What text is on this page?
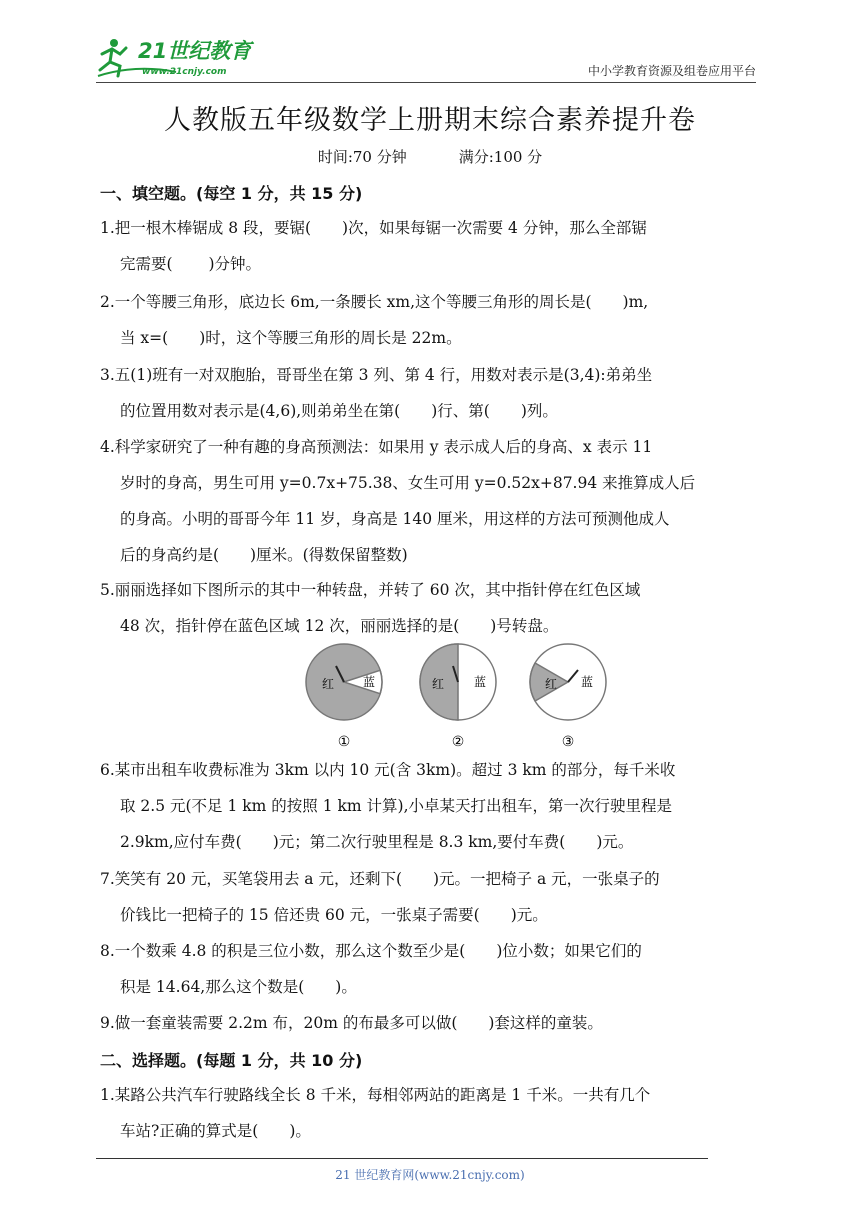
21世纪教育
www.21cnjy.com	中小学教育资源及组卷应用平台
人教版五年级数学上册期末综合素养提升卷
时间:70 分钟	满分:100 分
一、填空题。(每空 1 分，共 15 分)
1.把一根木棒锯成 8 段，要锯(　　)次，如果每锯一次需要 4 分钟，那么全部锯
完需要(　　 )分钟。
2.一个等腰三角形，底边长 6m,一条腰长 xm,这个等腰三角形的周长是(　　)m,
当 x=(　　)时，这个等腰三角形的周长是 22m。
3.五(1)班有一对双胞胎，哥哥坐在第 3 列、第 4 行，用数对表示是(3,4):弟弟坐
的位置用数对表示是(4,6),则弟弟坐在第(　　)行、第(　　)列。
4.科学家研究了一种有趣的身高预测法：如果用 y 表示成人后的身高、x 表示 11
岁时的身高，男生可用 y=0.7x+75.38、女生可用 y=0.52x+87.94 来推算成人后
的身高。小明的哥哥今年 11 岁，身高是 140 厘米，用这样的方法可预测他成人
后的身高约是(　　)厘米。(得数保留整数)
5.丽丽选择如下图所示的其中一种转盘，并转了 60 次，其中指针停在红色区域
48 次，指针停在蓝色区域 12 次，丽丽选择的是(　　)号转盘。
红 蓝
①
红 蓝
②
红 蓝
③
6.某市出租车收费标准为 3km 以内 10 元(含 3km)。超过 3 km 的部分，每千米收
取 2.5 元(不足 1 km 的按照 1 km 计算),小卓某天打出租车，第一次行驶里程是
2.9km,应付车费(　　)元；第二次行驶里程是 8.3 km,要付车费(　　)元。
7.笑笑有 20 元，买笔袋用去 a 元，还剩下(　　)元。一把椅子 a 元，一张桌子的
价钱比一把椅子的 15 倍还贵 60 元，一张桌子需要(　　)元。
8.一个数乘 4.8 的积是三位小数，那么这个数至少是(　　)位小数；如果它们的
积是 14.64,那么这个数是(　　)。
9.做一套童装需要 2.2m 布，20m 的布最多可以做(　　)套这样的童装。
二、选择题。(每题 1 分，共 10 分)
1.某路公共汽车行驶路线全长 8 千米，每相邻两站的距离是 1 千米。一共有几个
车站?正确的算式是(　　)。
21 世纪教育网(www.21cnjy.com)
